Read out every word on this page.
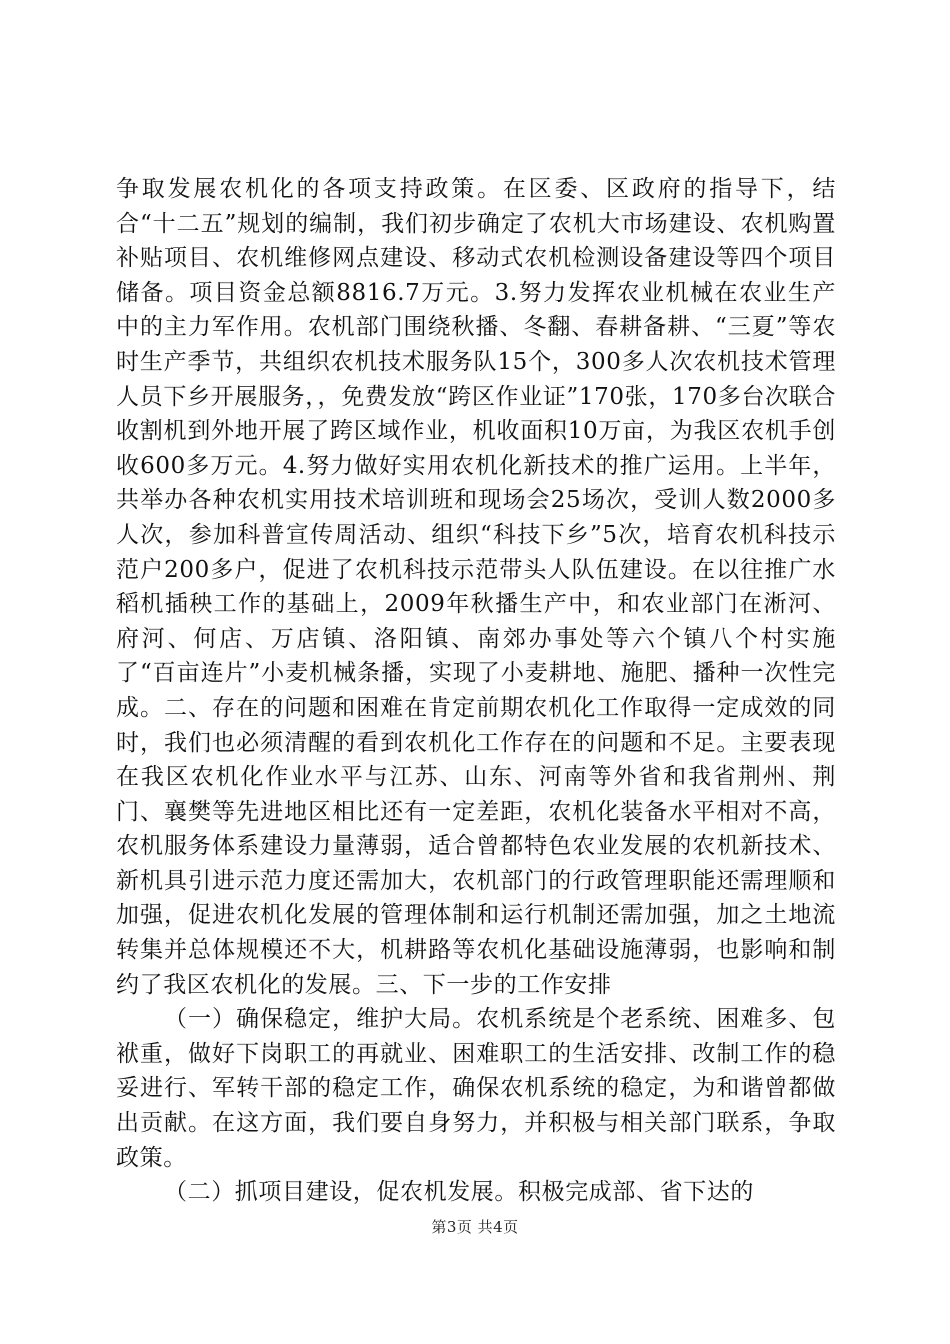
争取发展农机化的各项支持政策。在区委、区政府的指导下，结合“十二五”规划的编制，我们初步确定了农机大市场建设、农机购置补贴项目、农机维修网点建设、移动式农机检测设备建设等四个项目储备。项目资金总额8816.7万元。3.努力发挥农业机械在农业生产中的主力军作用。农机部门围绕秋播、冬翻、春耕备耕、“三夏”等农时生产季节，共组织农机技术服务队15个，300多人次农机技术管理人员下乡开展服务，，免费发放“跨区作业证”170张，170多台次联合收割机到外地开展了跨区域作业，机收面积10万亩，为我区农机手创收600多万元。4.努力做好实用农机化新技术的推广运用。上半年，共举办各种农机实用技术培训班和现场会25场次，受训人数2000多人次，参加科普宣传周活动、组织“科技下乡”5次，培育农机科技示范户200多户，促进了农机科技示范带头人队伍建设。在以往推广水稻机插秧工作的基础上，2009年秋播生产中，和农业部门在淅河、府河、何店、万店镇、洛阳镇、南郊办事处等六个镇八个村实施了“百亩连片”小麦机械条播，实现了小麦耕地、施肥、播种一次性完成。二、存在的问题和困难在肯定前期农机化工作取得一定成效的同时，我们也必须清醒的看到农机化工作存在的问题和不足。主要表现在我区农机化作业水平与江苏、山东、河南等外省和我省荆州、荆门、襄樊等先进地区相比还有一定差距，农机化装备水平相对不高，农机服务体系建设力量薄弱，适合曾都特色农业发展的农机新技术、新机具引进示范力度还需加大，农机部门的行政管理职能还需理顺和加强，促进农机化发展的管理体制和运行机制还需加强，加之土地流转集并总体规模还不大，机耕路等农机化基础设施薄弱，也影响和制约了我区农机化的发展。三、下一步的工作安排

（一）确保稳定，维护大局。农机系统是个老系统、困难多、包袱重，做好下岗职工的再就业、困难职工的生活安排、改制工作的稳妥进行、军转干部的稳定工作，确保农机系统的稳定，为和谐曾都做出贡献。在这方面，我们要自身努力，并积极与相关部门联系，争取政策。

（二）抓项目建设，促农机发展。积极完成部、省下达的

第3页 共4页
